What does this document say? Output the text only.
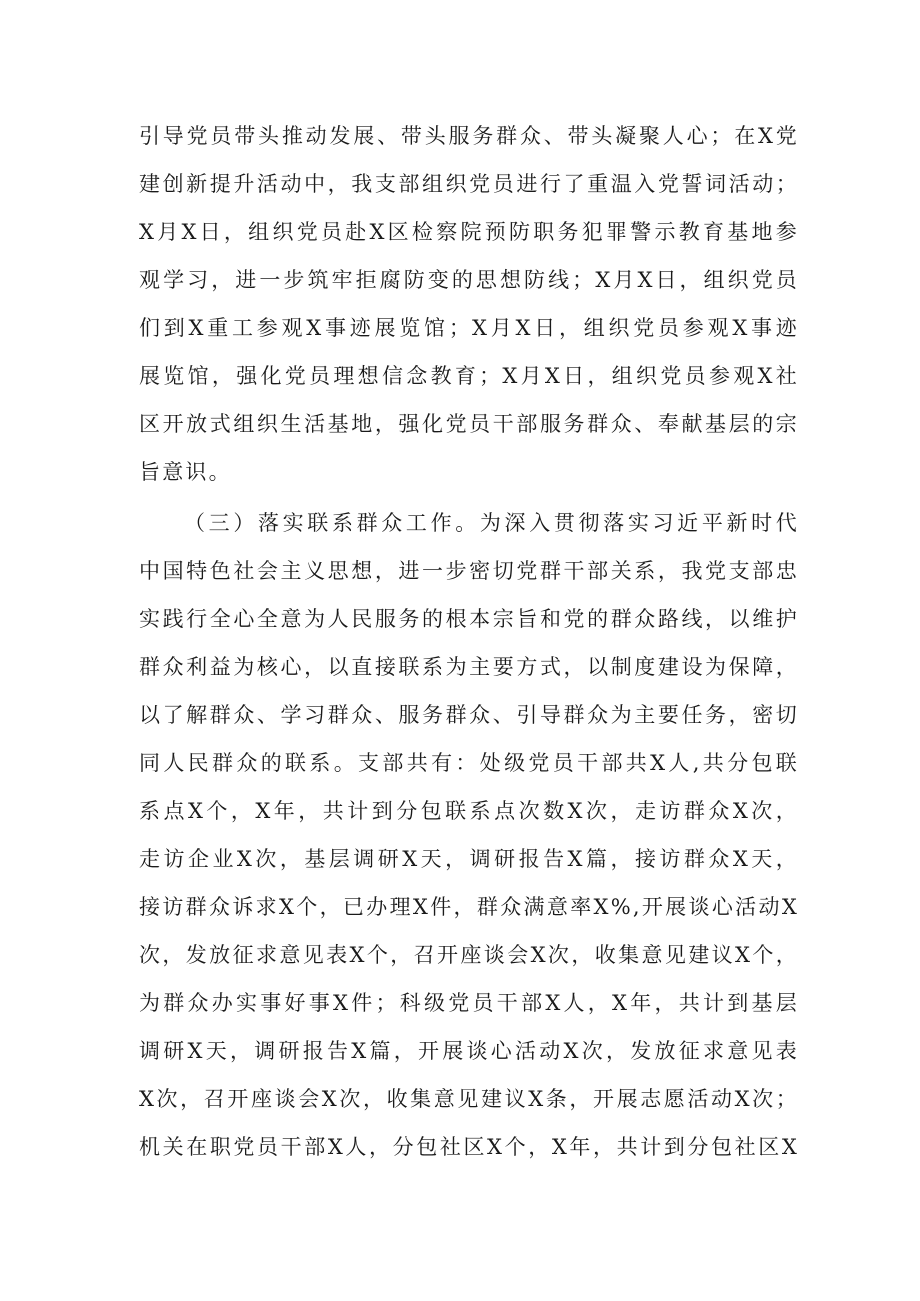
引导党员带头推动发展、带头服务群众、带头凝聚人心；在X党
建创新提升活动中，我支部组织党员进行了重温入党誓词活动；
X月X日，组织党员赴X区检察院预防职务犯罪警示教育基地参
观学习，进一步筑牢拒腐防变的思想防线；X月X日，组织党员
们到X重工参观X事迹展览馆；X月X日，组织党员参观X事迹
展览馆，强化党员理想信念教育；X月X日，组织党员参观X社
区开放式组织生活基地，强化党员干部服务群众、奉献基层的宗
旨意识。
（三）落实联系群众工作。为深入贯彻落实习近平新时代
中国特色社会主义思想，进一步密切党群干部关系，我党支部忠
实践行全心全意为人民服务的根本宗旨和党的群众路线，以维护
群众利益为核心，以直接联系为主要方式，以制度建设为保障，
以了解群众、学习群众、服务群众、引导群众为主要任务，密切
同人民群众的联系。支部共有：处级党员干部共X人,共分包联
系点X个，X年，共计到分包联系点次数X次，走访群众X次，
走访企业X次，基层调研X天，调研报告X篇，接访群众X天，
接访群众诉求X个，已办理X件，群众满意率X%,开展谈心活动X
次，发放征求意见表X个，召开座谈会X次，收集意见建议X个，
为群众办实事好事X件；科级党员干部X人，X年，共计到基层
调研X天，调研报告X篇，开展谈心活动X次，发放征求意见表
X次，召开座谈会X次，收集意见建议X条，开展志愿活动X次；
机关在职党员干部X人，分包社区X个，X年，共计到分包社区X
